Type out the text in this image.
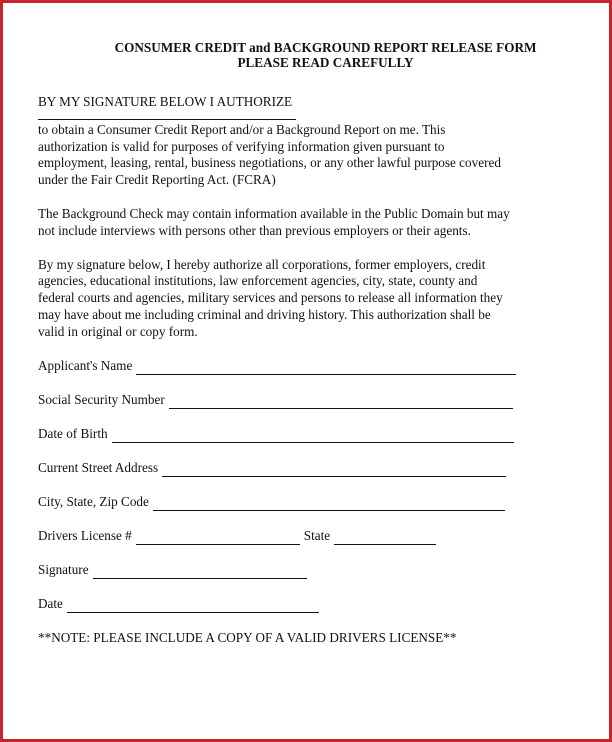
CONSUMER CREDIT and BACKGROUND REPORT RELEASE FORM
PLEASE READ CAREFULLY
BY MY SIGNATURE BELOW I AUTHORIZE

to obtain a Consumer Credit Report and/or a Background Report on me. This

authorization is valid for purposes of verifying information given pursuant to

employment, leasing, rental, business negotiations, or any other lawful purpose covered

under the Fair Credit Reporting Act. (FCRA)

The Background Check may contain information available in the Public Domain but may

not include interviews with persons other than previous employers or their agents.

By my signature below, I hereby authorize all corporations, former employers, credit

agencies, educational institutions, law enforcement agencies, city, state, county and

federal courts and agencies, military services and persons to release all information they

may have about me including criminal and driving history. This authorization shall be

valid in original or copy form.

Applicant's Name
Social Security Number
Date of Birth
Current Street Address
City, State, Zip Code
Drivers License #	State
Signature
Date
**NOTE: PLEASE INCLUDE A COPY OF A VALID DRIVERS LICENSE**
